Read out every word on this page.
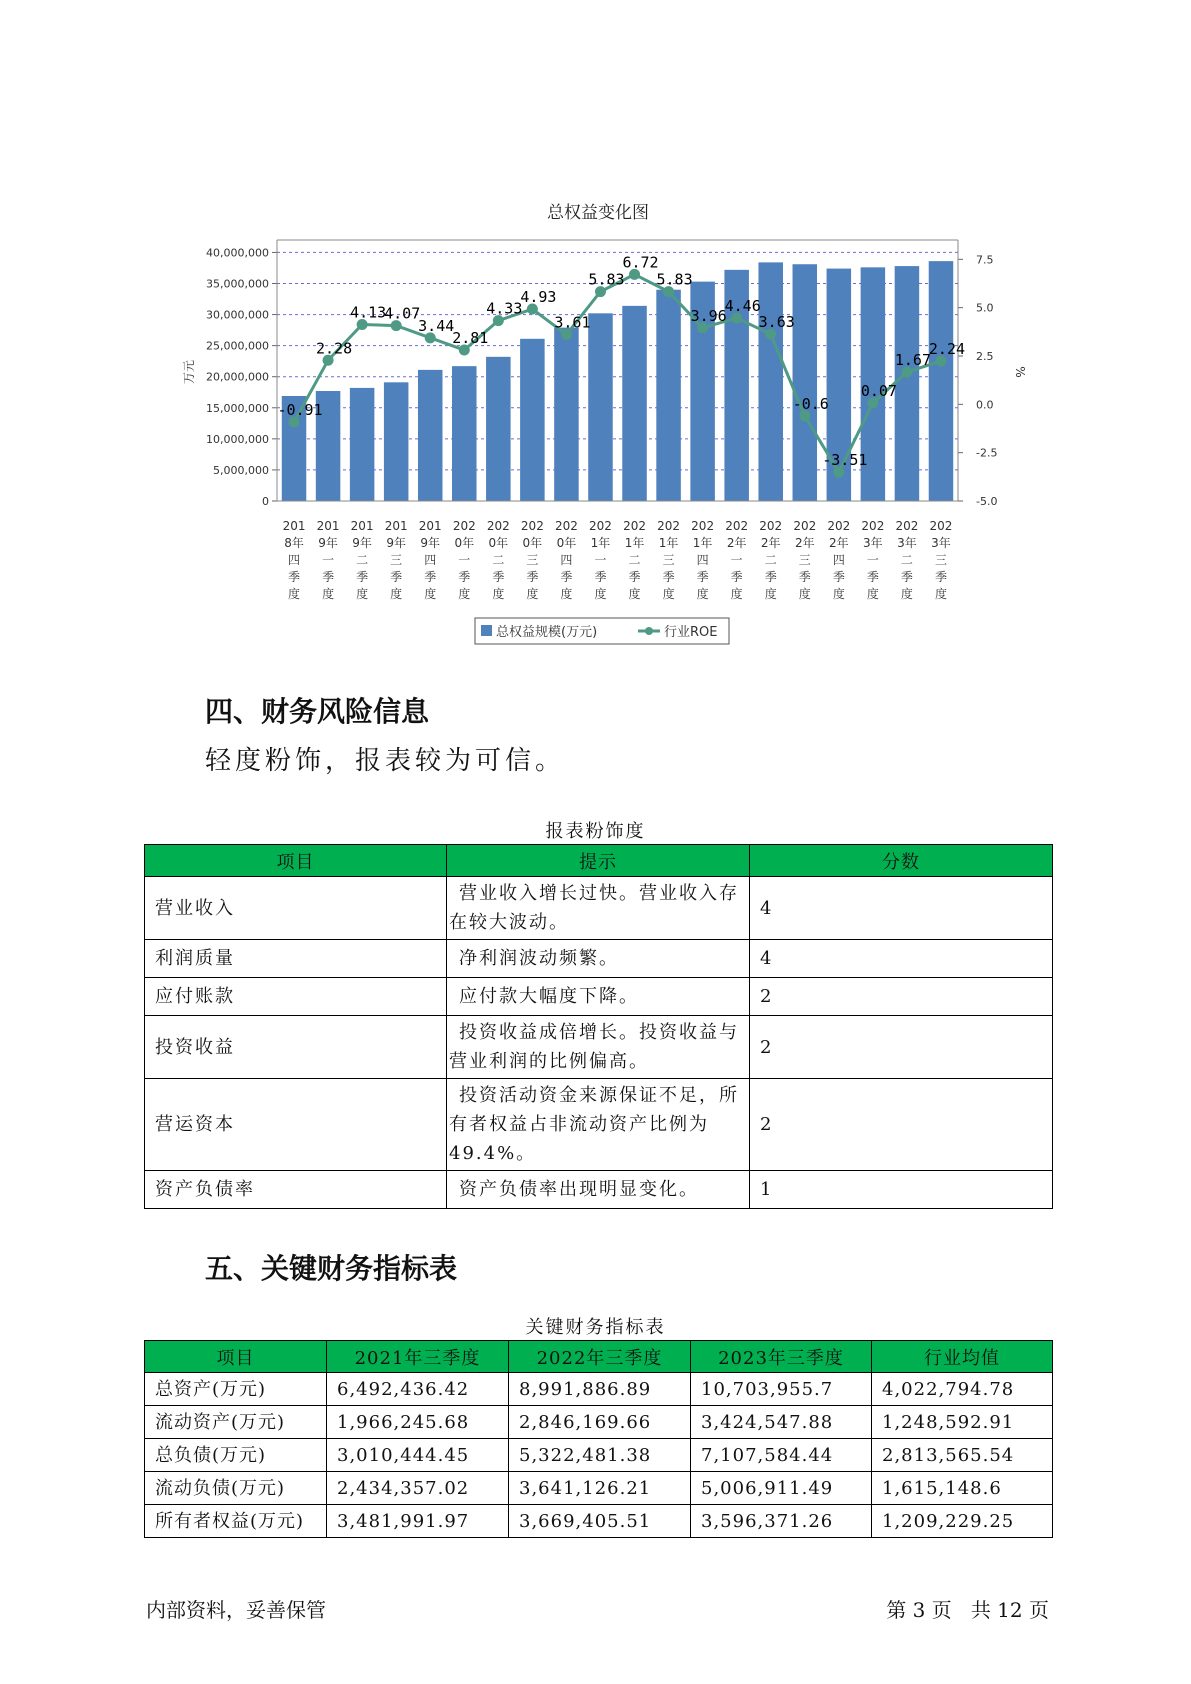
总权益变化图
40,000,000
35,000,000
30,000,000
25,000,000
20,000,000
15,000,000
10,000,000
5,000,000
0
7.5
5.0
2.5
0.0
-2.5
-5.0
万元	%
-0.91
2.28
4.13
4.07
3.44
2.81
4.33
4.93
3.61
5.83
6.72
5.83
3.96
4.46
3.63
-0.6
-3.51
0.07
1.67
2.24
201
8年
四
季
度
201
9年
一
季
度
201
9年
二
季
度
201
9年
三
季
度
201
9年
四
季
度
202
0年
一
季
度
202
0年
二
季
度
202
0年
三
季
度
202
0年
四
季
度
202
1年
一
季
度
202
1年
二
季
度
202
1年
三
季
度
202
1年
四
季
度
202
2年
一
季
度
202
2年
二
季
度
202
2年
三
季
度
202
2年
四
季
度
202
3年
一
季
度
202
3年
二
季
度
202
3年
三
季
度
总权益规模(万元)	行业ROE
四、财务风险信息

轻度粉饰，报表较为可信。

报表粉饰度

项目	提示	分数
营业收入	营业收入增长过快。营业收入存在较大波动。	4
利润质量	净利润波动频繁。	4
应付账款	应付款大幅度下降。	2
投资收益	投资收益成倍增长。投资收益与营业利润的比例偏高。	2
营运资本	投资活动资金来源保证不足，所有者权益占非流动资产比例为49.4%。	2
资产负债率	资产负债率出现明显变化。	1
五、关键财务指标表

关键财务指标表

项目	2021年三季度	2022年三季度	2023年三季度	行业均值
总资产(万元)	6,492,436.42	8,991,886.89	10,703,955.7	4,022,794.78
流动资产(万元)	1,966,245.68	2,846,169.66	3,424,547.88	1,248,592.91
总负债(万元)	3,010,444.45	5,322,481.38	7,107,584.44	2,813,565.54
流动负债(万元)	2,434,357.02	3,641,126.21	5,006,911.49	1,615,148.6
所有者权益(万元)	3,481,991.97	3,669,405.51	3,596,371.26	1,209,229.25

内部资料，妥善保管	第 3 页   共 12 页
